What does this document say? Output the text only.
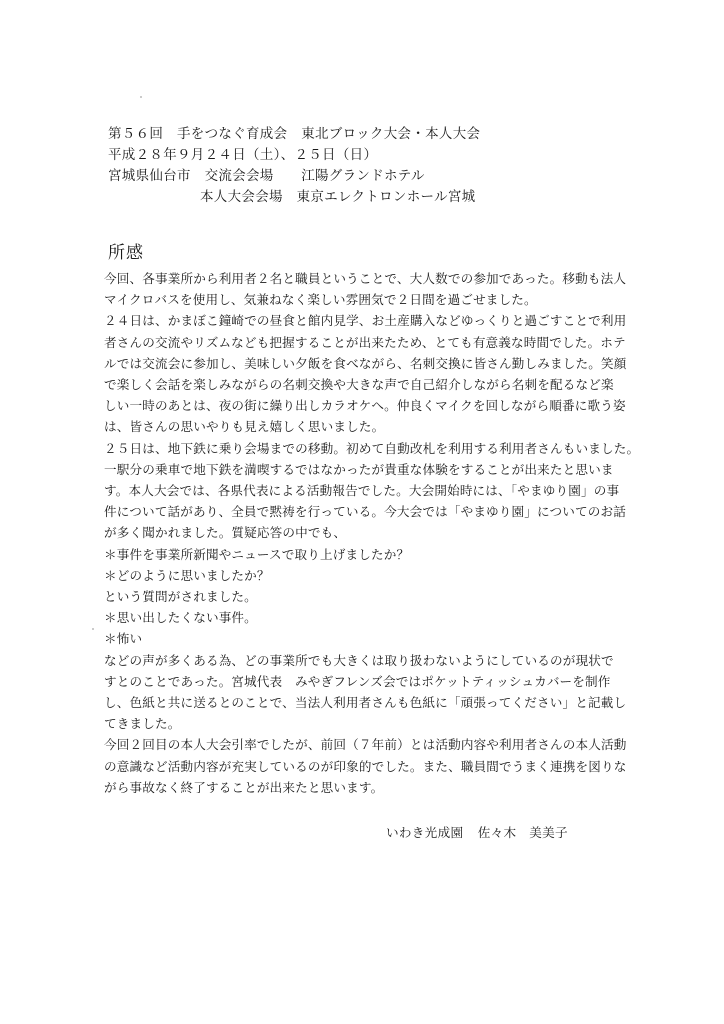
第５６回　手をつなぐ育成会　東北ブロック大会・本人大会
平成２８年９月２４日（土）、２５日（日）
宮城県仙台市　交流会会場　　江陽グランドホテル
本人大会会場　東京エレクトロンホール宮城
所感
今回、各事業所から利用者２名と職員ということで、大人数での参加であった。移動も法人
マイクロバスを使用し、気兼ねなく楽しい雰囲気で２日間を過ごせました。
２４日は、かまぼこ鐘崎での昼食と館内見学、お土産購入などゆっくりと過ごすことで利用
者さんの交流やリズムなども把握することが出来たため、とても有意義な時間でした。ホテ
ルでは交流会に参加し、美味しい夕飯を食べながら、名刺交換に皆さん勤しみました。笑顔
で楽しく会話を楽しみながらの名刺交換や大きな声で自己紹介しながら名刺を配るなど楽
しい一時のあとは、夜の街に繰り出しカラオケへ。仲良くマイクを回しながら順番に歌う姿
は、皆さんの思いやりも見え嬉しく思いました。
２５日は、地下鉄に乗り会場までの移動。初めて自動改札を利用する利用者さんもいました。
一駅分の乗車で地下鉄を満喫するではなかったが貴重な体験をすることが出来たと思いま
す。本人大会では、各県代表による活動報告でした。大会開始時には、「やまゆり園」の事
件について話があり、全員で黙祷を行っている。今大会では「やまゆり園」についてのお話
が多く聞かれました。質疑応答の中でも、
＊事件を事業所新聞やニュースで取り上げましたか？
＊どのように思いましたか？
という質問がされました。
＊思い出したくない事件。
＊怖い
などの声が多くある為、どの事業所でも大きくは取り扱わないようにしているのが現状で
すとのことであった。宮城代表　みやぎフレンズ会ではポケットティッシュカバーを制作
し、色紙と共に送るとのことで、当法人利用者さんも色紙に「頑張ってください」と記載し
てきました。
今回２回目の本人大会引率でしたが、前回（７年前）とは活動内容や利用者さんの本人活動
の意識など活動内容が充実しているのが印象的でした。また、職員間でうまく連携を図りな
がら事故なく終了することが出来たと思います。
いわき光成園 佐々木　美美子
